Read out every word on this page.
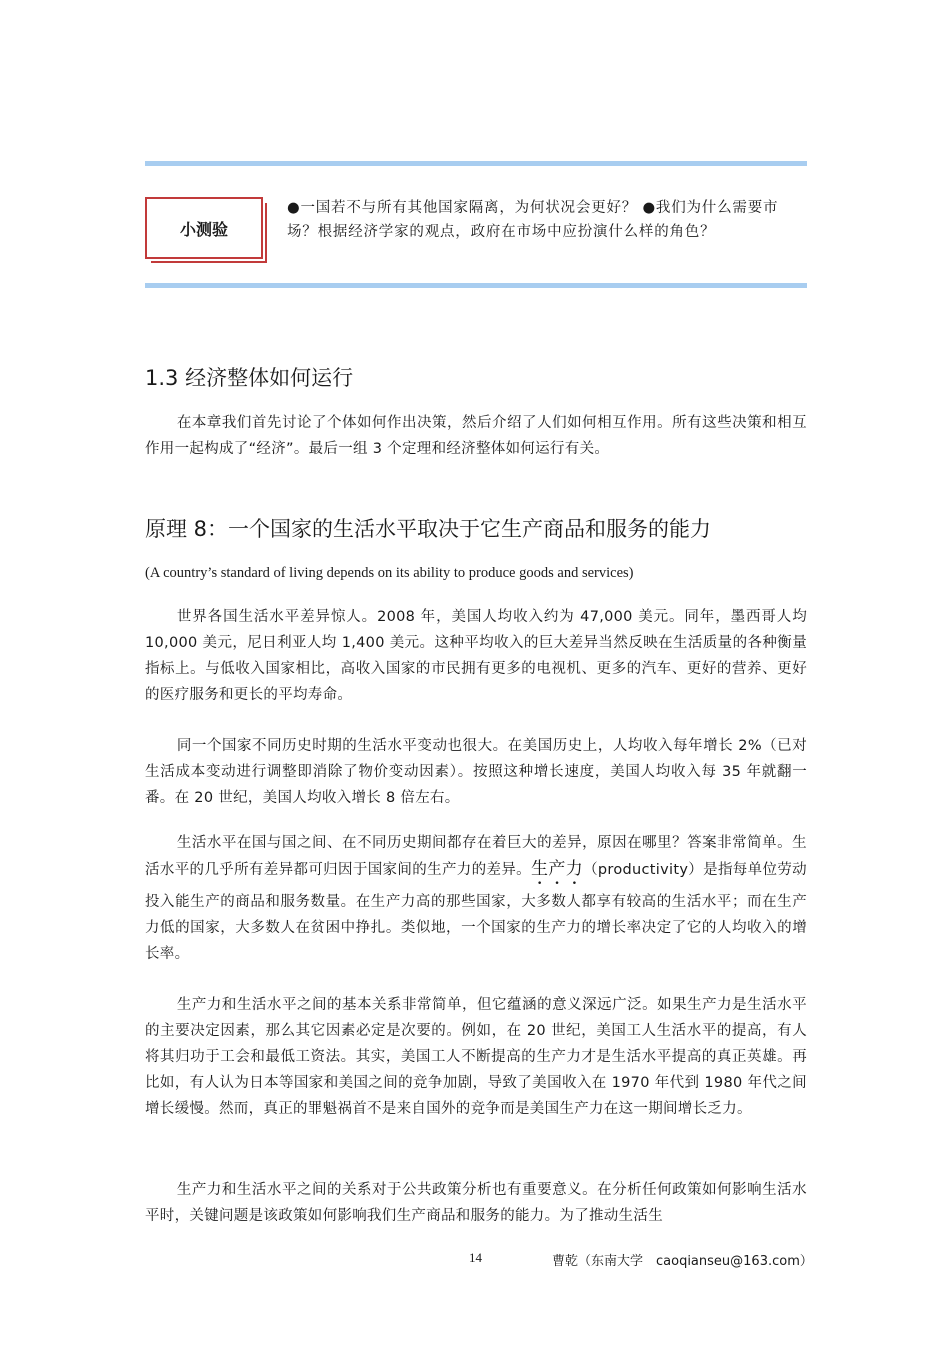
小测验
●一国若不与所有其他国家隔离，为何状况会更好？ ●我们为什么需要市场？根据经济学家的观点，政府在市场中应扮演什么样的角色？
1.3 经济整体如何运行

在本章我们首先讨论了个体如何作出决策，然后介绍了人们如何相互作用。所有这些决策和相互作用一起构成了“经济”。最后一组 3 个定理和经济整体如何运行有关。

原理 8：一个国家的生活水平取决于它生产商品和服务的能力
(A country’s standard of living depends on its ability to produce goods and services)

世界各国生活水平差异惊人。2008 年，美国人均收入约为 47,000 美元。同年，墨西哥人均 10,000 美元，尼日利亚人均 1,400 美元。这种平均收入的巨大差异当然反映在生活质量的各种衡量指标上。与低收入国家相比，高收入国家的市民拥有更多的电视机、更多的汽车、更好的营养、更好的医疗服务和更长的平均寿命。

同一个国家不同历史时期的生活水平变动也很大。在美国历史上，人均收入每年增长 2%（已对生活成本变动进行调整即消除了物价变动因素）。按照这种增长速度，美国人均收入每 35 年就翻一番。在 20 世纪，美国人均收入增长 8 倍左右。

生活水平在国与国之间、在不同历史期间都存在着巨大的差异，原因在哪里？答案非常简单。生活水平的几乎所有差异都可归因于国家间的生产力的差异。生产力（productivity）是指每单位劳动投入能生产的商品和服务数量。在生产力高的那些国家，大多数人都享有较高的生活水平；而在生产力低的国家，大多数人在贫困中挣扎。类似地，一个国家的生产力的增长率决定了它的人均收入的增长率。

生产力和生活水平之间的基本关系非常简单，但它蕴涵的意义深远广泛。如果生产力是生活水平的主要决定因素，那么其它因素必定是次要的。例如，在 20 世纪，美国工人生活水平的提高，有人将其归功于工会和最低工资法。其实，美国工人不断提高的生产力才是生活水平提高的真正英雄。再比如，有人认为日本等国家和美国之间的竞争加剧，导致了美国收入在 1970 年代到 1980 年代之间增长缓慢。然而，真正的罪魁祸首不是来自国外的竞争而是美国生产力在这一期间增长乏力。

生产力和生活水平之间的关系对于公共政策分析也有重要意义。在分析任何政策如何影响生活水平时，关键问题是该政策如何影响我们生产商品和服务的能力。为了推动生活生

14	曹乾（东南大学　caoqianseu@163.com）
